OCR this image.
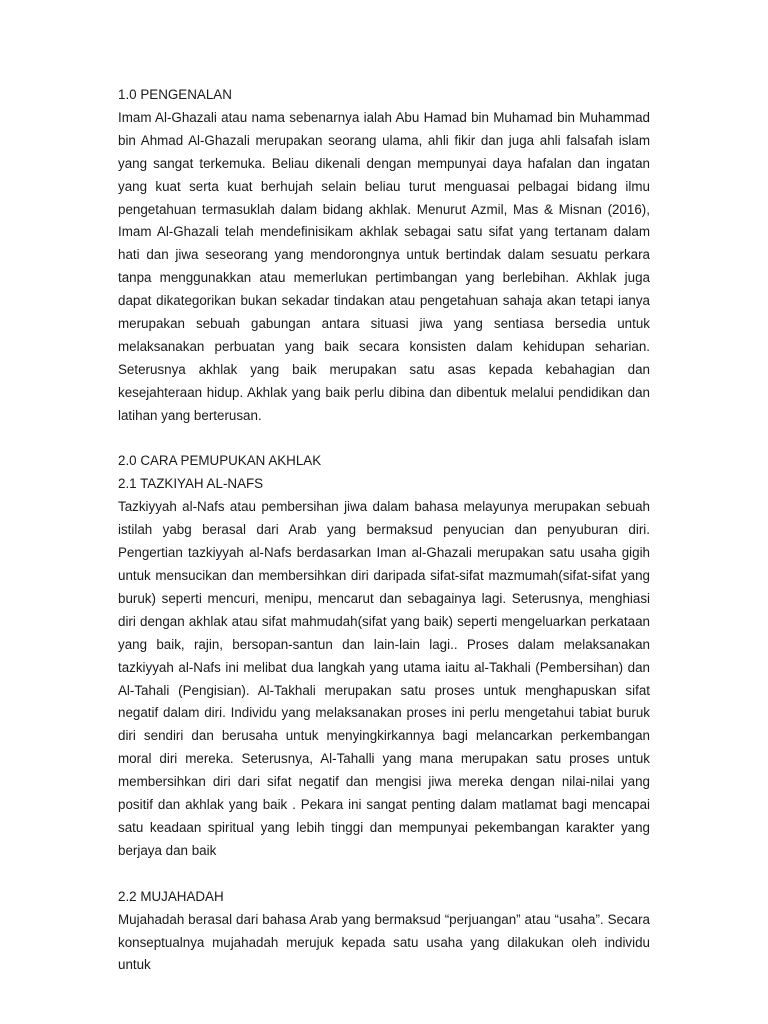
1.0 PENGENALAN

Imam Al-Ghazali atau nama sebenarnya ialah Abu Hamad bin Muhamad bin Muhammad bin Ahmad Al-Ghazali merupakan seorang ulama, ahli fikir dan juga ahli falsafah islam yang sangat terkemuka. Beliau dikenali dengan mempunyai daya hafalan dan ingatan yang kuat serta kuat berhujah selain beliau turut menguasai pelbagai bidang ilmu pengetahuan termasuklah dalam bidang akhlak. Menurut Azmil, Mas & Misnan (2016), Imam Al-Ghazali telah mendefinisikam akhlak sebagai satu sifat yang tertanam dalam hati dan jiwa seseorang yang mendorongnya untuk bertindak dalam sesuatu perkara tanpa menggunakkan atau memerlukan pertimbangan yang berlebihan. Akhlak juga dapat dikategorikan bukan sekadar tindakan atau pengetahuan sahaja akan tetapi ianya merupakan sebuah gabungan antara situasi jiwa yang sentiasa bersedia untuk melaksanakan perbuatan yang baik secara konsisten dalam kehidupan seharian. Seterusnya akhlak yang baik merupakan satu asas kepada kebahagian dan kesejahteraan hidup. Akhlak yang baik perlu dibina dan dibentuk melalui pendidikan dan latihan yang berterusan.

2.0 CARA PEMUPUKAN AKHLAK
2.1 TAZKIYAH AL-NAFS

Tazkiyyah al-Nafs atau pembersihan jiwa dalam bahasa melayunya merupakan sebuah istilah yabg berasal dari Arab yang bermaksud penyucian dan penyuburan diri. Pengertian tazkiyyah al-Nafs berdasarkan Iman al-Ghazali merupakan satu usaha gigih untuk mensucikan dan membersihkan diri daripada sifat-sifat mazmumah(sifat-sifat yang buruk) seperti mencuri, menipu, mencarut dan sebagainya lagi. Seterusnya, menghiasi diri dengan akhlak atau sifat mahmudah(sifat yang baik) seperti mengeluarkan perkataan yang baik, rajin, bersopan-santun dan lain-lain lagi.. Proses dalam melaksanakan tazkiyyah al-Nafs ini melibat dua langkah yang utama iaitu al-Takhali (Pembersihan) dan Al-Tahali (Pengisian). Al-Takhali merupakan satu proses untuk menghapuskan sifat negatif dalam diri. Individu yang melaksanakan proses ini perlu mengetahui tabiat buruk diri sendiri dan berusaha untuk menyingkirkannya bagi melancarkan perkembangan moral diri mereka. Seterusnya, Al-Tahalli yang mana merupakan satu proses untuk membersihkan diri dari sifat negatif dan mengisi jiwa mereka dengan nilai-nilai yang positif dan akhlak yang baik . Pekara ini sangat penting dalam matlamat bagi mencapai satu keadaan spiritual yang lebih tinggi dan mempunyai pekembangan karakter yang berjaya dan baik

2.2 MUJAHADAH

Mujahadah berasal dari bahasa Arab yang bermaksud “perjuangan” atau “usaha”. Secara konseptualnya mujahadah merujuk kepada satu usaha yang dilakukan oleh individu untuk
